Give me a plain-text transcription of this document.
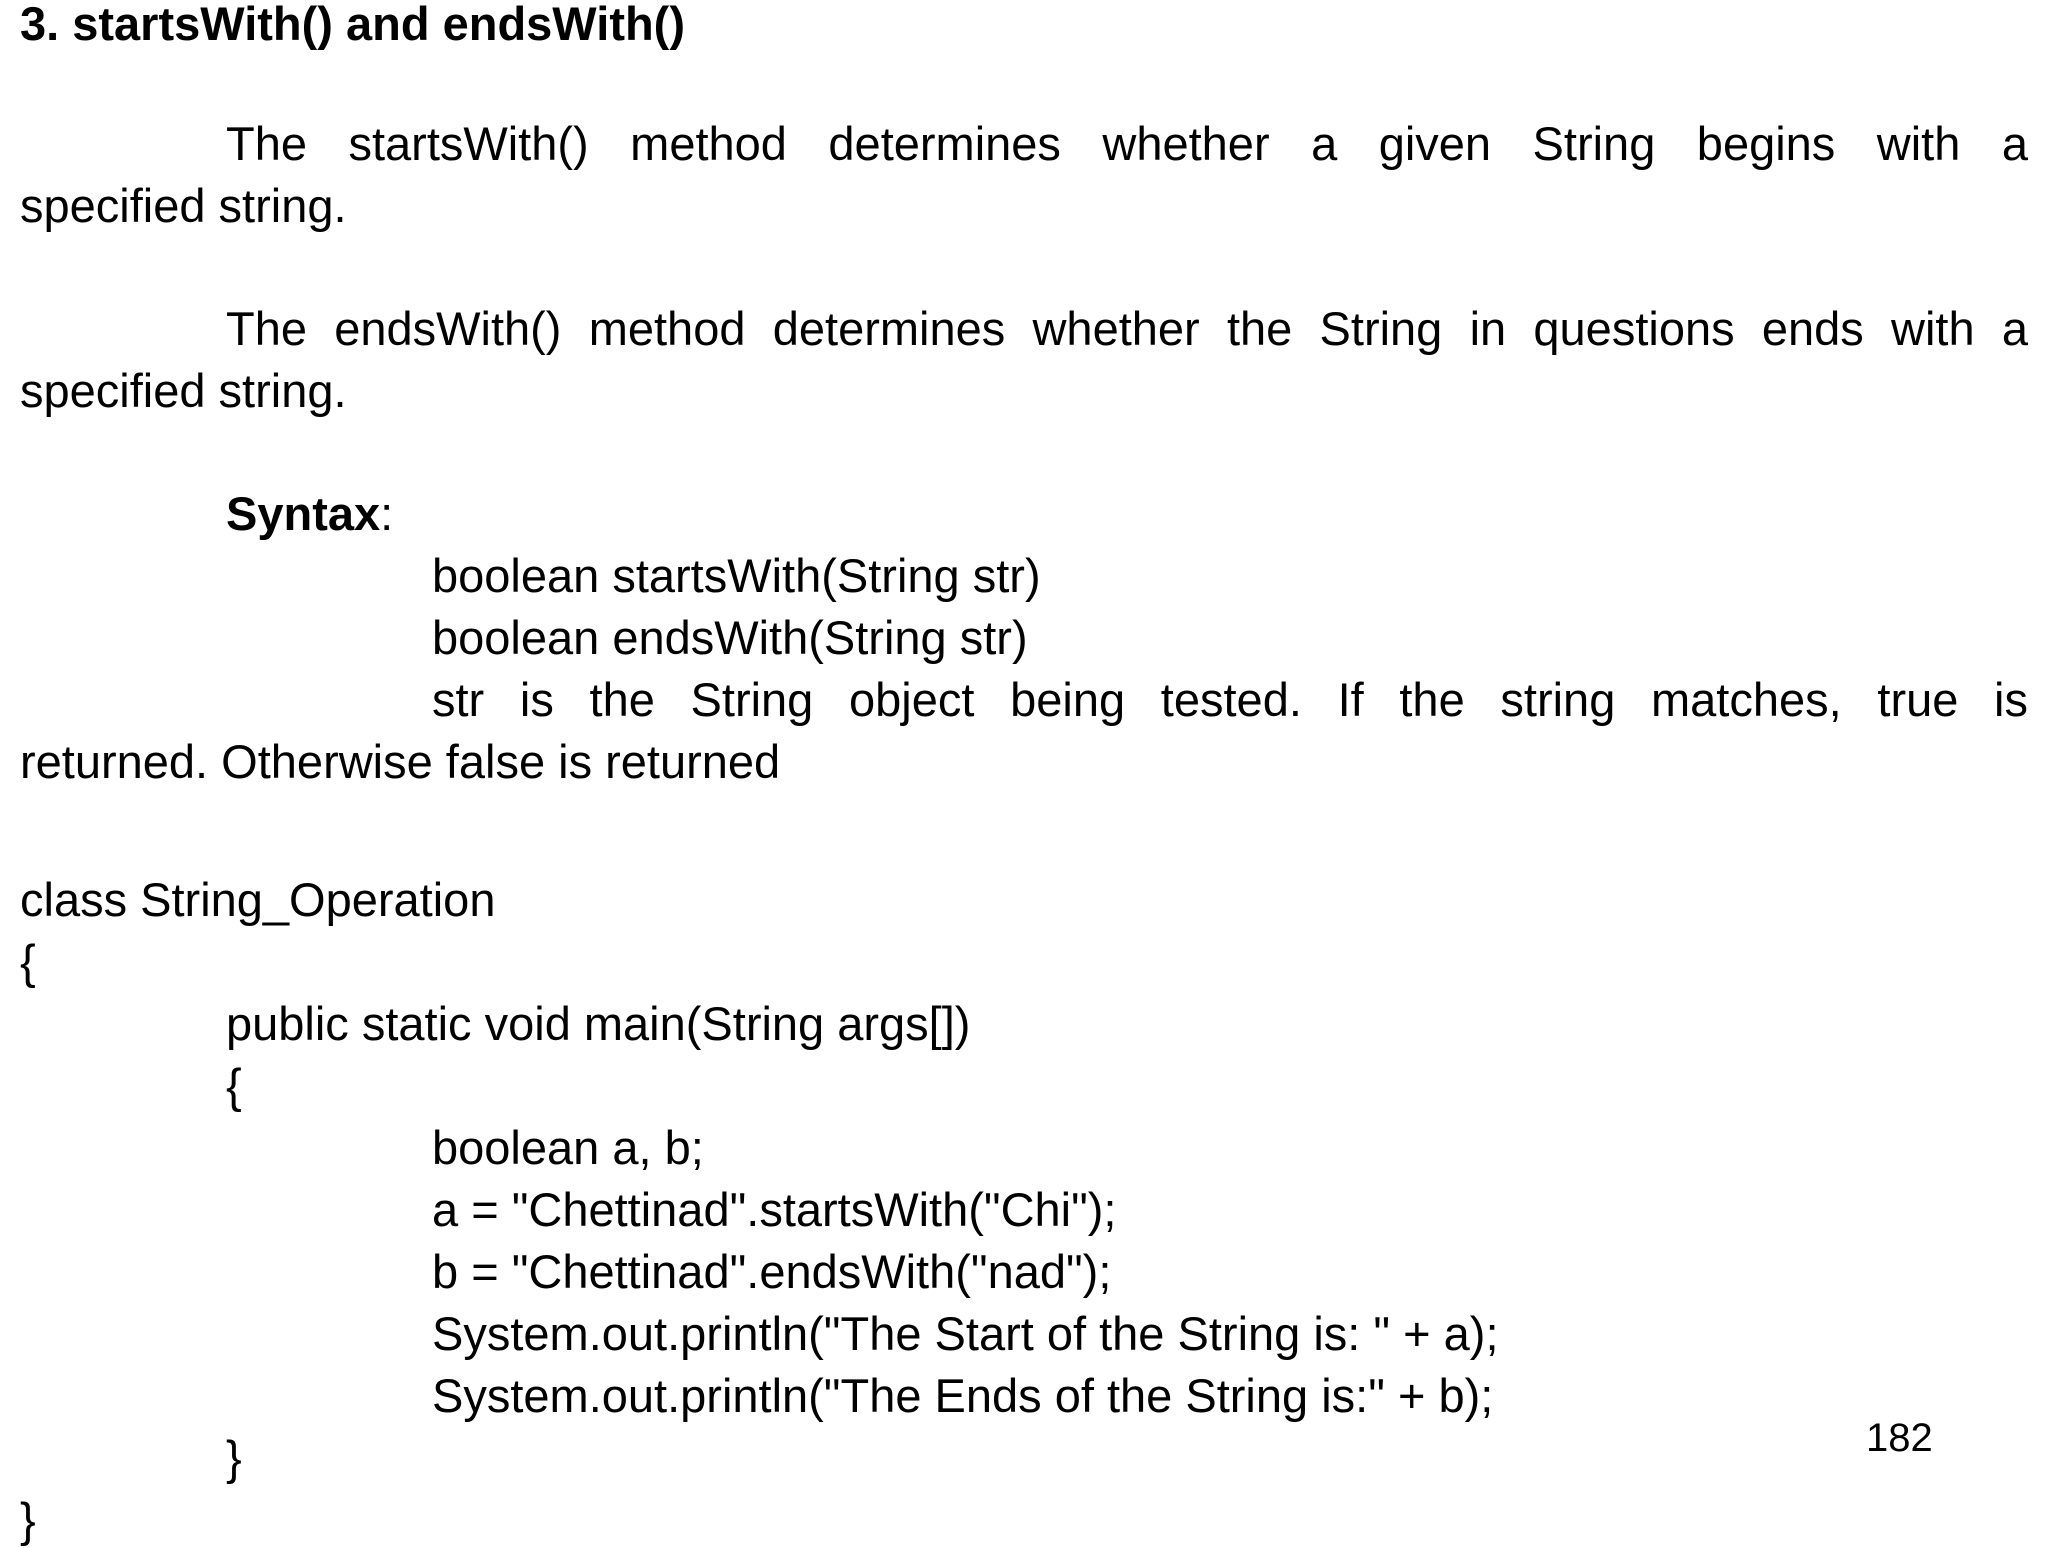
3. startsWith() and endsWith()
The startsWith() method determines whether a given String begins with a
specified string.
The endsWith() method determines whether the String in questions ends with a
specified string.
Syntax:
boolean startsWith(String str)
boolean endsWith(String str)
str is the String object being tested. If the string matches, true is
returned. Otherwise false is returned
class String_Operation
{
public static void main(String args[])
{
boolean a, b;
a = "Chettinad".startsWith("Chi");
b = "Chettinad".endsWith("nad");
System.out.println("The Start of the String is: " + a);
System.out.println("The Ends of the String is:" + b);
}
}
182
